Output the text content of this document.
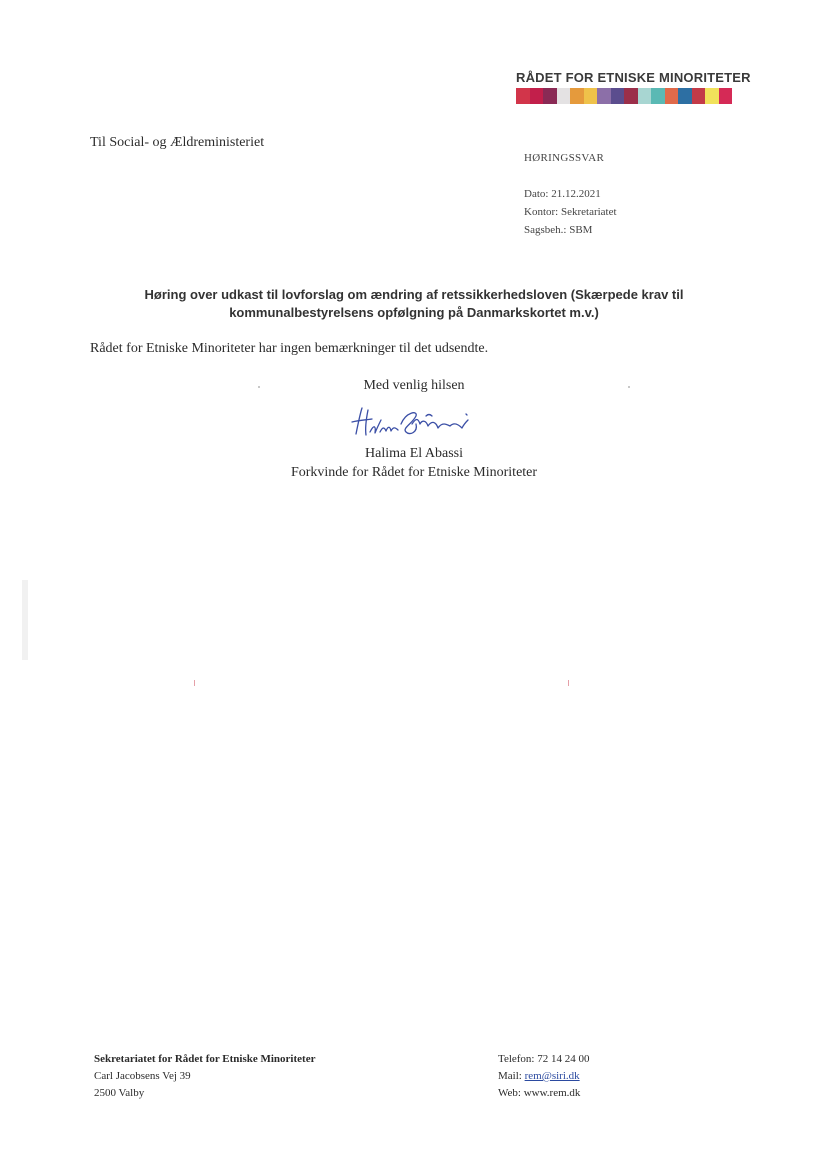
RÅDET FOR ETNISKE MINORITETER
Til Social- og Ældreministeriet
HØRINGSSVAR
Dato: 21.12.2021
Kontor: Sekretariatet
Sagsbeh.: SBM
Høring over udkast til lovforslag om ændring af retssikkerhedsloven (Skærpede krav til
kommunalbestyrelsens opfølgning på Danmarkskortet m.v.)
Rådet for Etniske Minoriteter har ingen bemærkninger til det udsendte.
Med venlig hilsen
Halima El Abassi
Forkvinde for Rådet for Etniske Minoriteter
Sekretariatet for Rådet for Etniske Minoriteter
Carl Jacobsens Vej 39
2500 Valby
Telefon: 72 14 24 00
Mail: rem@siri.dk
Web: www.rem.dk
